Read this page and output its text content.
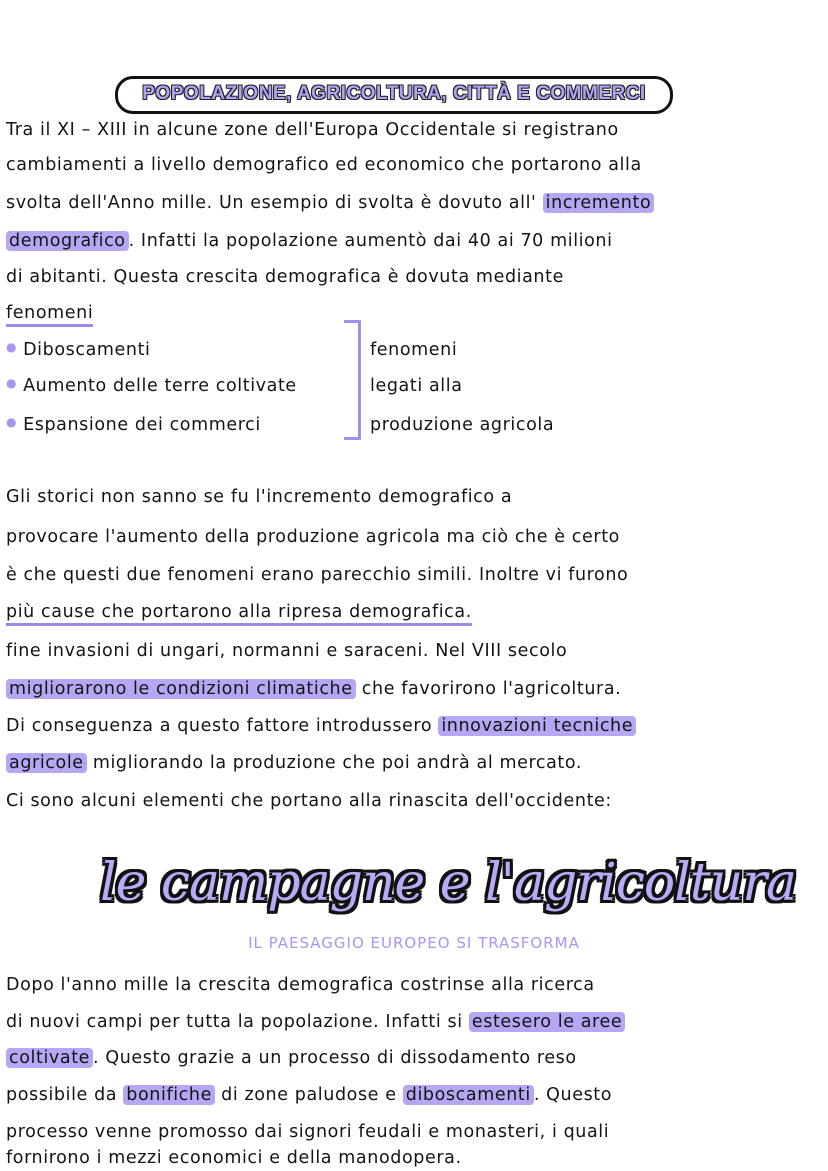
POPOLAZIONE, AGRICOLTURA, CITTÀ E COMMERCI
Tra il XI – XIII in alcune zone dell'Europa Occidentale si registrano
cambiamenti a livello demografico ed economico che portarono alla
svolta dell'Anno mille. Un esempio di svolta è dovuto all' incremento
demografico . Infatti la popolazione aumentò dai 40 ai 70 milioni
di abitanti. Questa crescita demografica è dovuta mediante
fenomeni
● Diboscamenti
● Aumento delle terre coltivate
● Espansione dei commerci
fenomeni
legati alla
produzione agricola
Gli storici non sanno se fu l'incremento demografico a
provocare l'aumento della produzione agricola ma ciò che è certo
è che questi due fenomeni erano parecchio simili. Inoltre vi furono
più cause che portarono alla ripresa demografica.
fine invasioni di ungari, normanni e saraceni. Nel VIII secolo
migliorarono le condizioni climatiche che favorirono l'agricoltura.
Di conseguenza a questo fattore introdussero innovazioni tecniche
agricole migliorando la produzione che poi andrà al mercato.
Ci sono alcuni elementi che portano alla rinascita dell'occidente:
le campagne e l'agricoltura
IL PAESAGGIO EUROPEO SI TRASFORMA
Dopo l'anno mille la crescita demografica costrinse alla ricerca
di nuovi campi per tutta la popolazione. Infatti si estesero le aree
coltivate . Questo grazie a un processo di dissodamento reso
possibile da bonifiche di zone paludose e diboscamenti . Questo
processo venne promosso dai signori feudali e monasteri, i quali
fornirono i mezzi economici e della manodopera.
